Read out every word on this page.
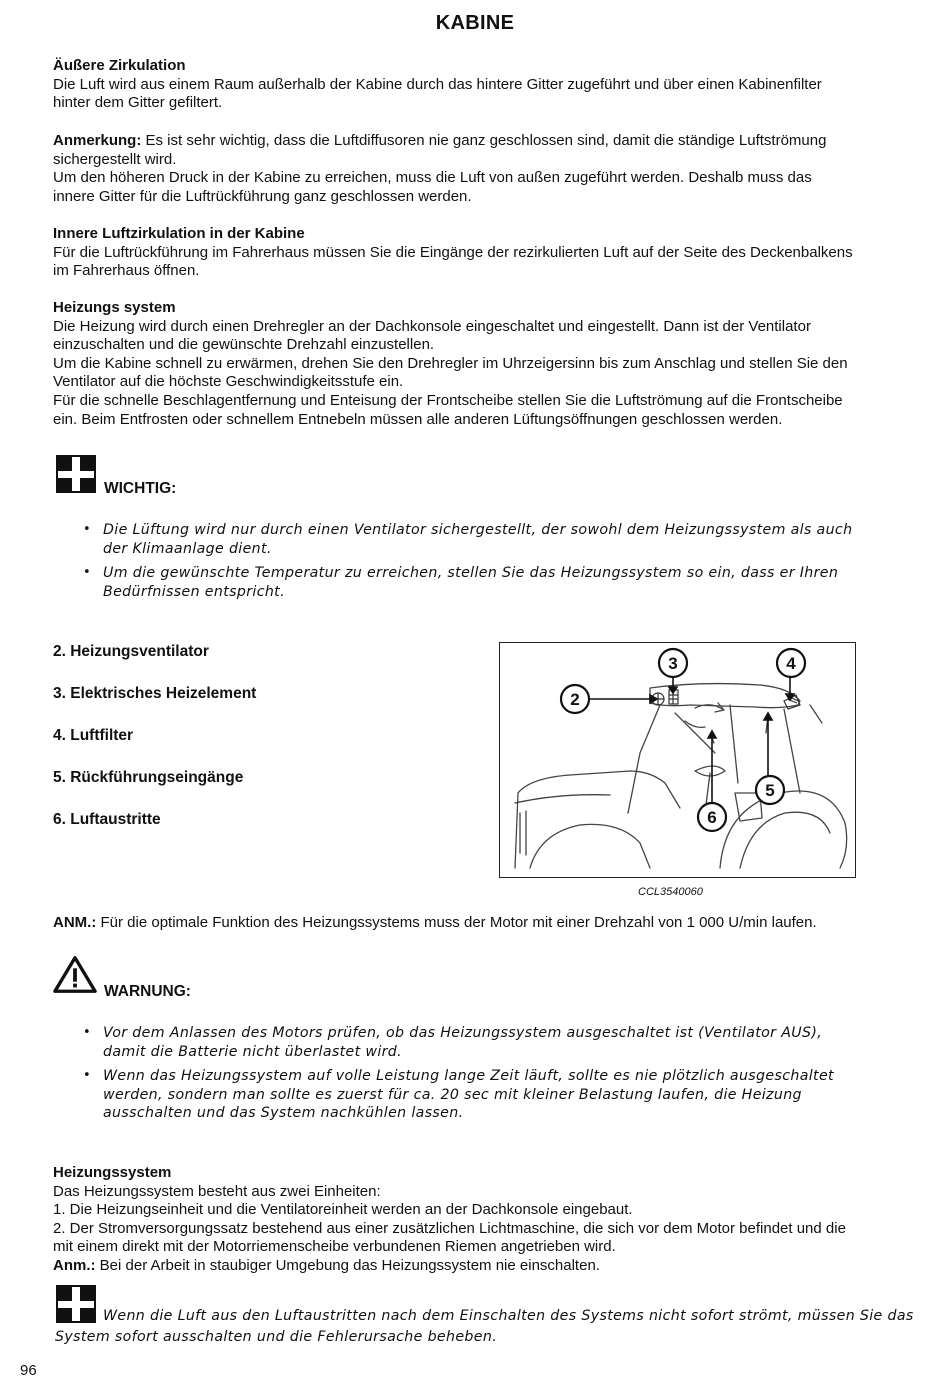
KABINE
Äußere Zirkulation
Die Luft wird aus einem Raum außerhalb der Kabine durch das hintere Gitter zugeführt und über einen Kabinenfilter hinter dem Gitter gefiltert.
Anmerkung: Es ist sehr wichtig, dass die Luftdiffusoren nie ganz geschlossen sind, damit die ständige Luftströmung sichergestellt wird.
Um den höheren Druck in der Kabine zu erreichen, muss die Luft von außen zugeführt werden. Deshalb muss das innere Gitter für die Luftrückführung ganz geschlossen werden.
Innere Luftzirkulation in der Kabine
Für die Luftrückführung im Fahrerhaus müssen Sie die Eingänge der rezirkulierten Luft auf der Seite des Deckenbalkens im Fahrerhaus öffnen.
Heizungs system
Die Heizung wird durch einen Drehregler an der Dachkonsole eingeschaltet und eingestellt. Dann ist der Ventilator einzuschalten und die gewünschte Drehzahl einzustellen.
Um die Kabine schnell zu erwärmen, drehen Sie den Drehregler im Uhrzeigersinn bis zum Anschlag und stellen Sie den Ventilator auf die höchste Geschwindigkeitsstufe ein.
Für die schnelle Beschlagentfernung und Enteisung der Frontscheibe stellen Sie die Luftströmung auf die Frontscheibe ein. Beim Entfrosten oder schnellem Entnebeln müssen alle anderen Lüftungsöffnungen geschlossen werden.
WICHTIG:
• Die Lüftung wird nur durch einen Ventilator sichergestellt, der sowohl dem Heizungssystem als auch der Klimaanlage dient.
• Um die gewünschte Temperatur zu erreichen, stellen Sie das Heizungssystem so ein, dass er Ihren Bedürfnissen entspricht.
2. Heizungsventilator
3. Elektrisches Heizelement
4. Luftfilter
5. Rückführungseingänge
6. Luftaustritte
2
3	4
5
6
CCL3540060
ANM.: Für die optimale Funktion des Heizungssystems muss der Motor mit einer Drehzahl von 1 000 U/min laufen.
WARNUNG:
• Vor dem Anlassen des Motors prüfen, ob das Heizungssystem ausgeschaltet ist (Ventilator AUS), damit die Batterie nicht überlastet wird.
• Wenn das Heizungssystem auf volle Leistung lange Zeit läuft, sollte es nie plötzlich ausgeschaltet werden, sondern man sollte es zuerst für ca. 20 sec mit kleiner Belastung laufen, die Heizung ausschalten und das System nachkühlen lassen.
Heizungssystem
Das Heizungssystem besteht aus zwei Einheiten:
1. Die Heizungseinheit und die Ventilatoreinheit werden an der Dachkonsole eingebaut.
2. Der Stromversorgungssatz bestehend aus einer zusätzlichen Lichtmaschine, die sich vor dem Motor befindet und die mit einem direkt mit der Motorriemenscheibe verbundenen Riemen angetrieben wird.
Anm.: Bei der Arbeit in staubiger Umgebung das Heizungssystem nie einschalten.
Wenn die Luft aus den Luftaustritten nach dem Einschalten des Systems nicht sofort strömt, müssen Sie das System sofort ausschalten und die Fehlerursache beheben.
96
